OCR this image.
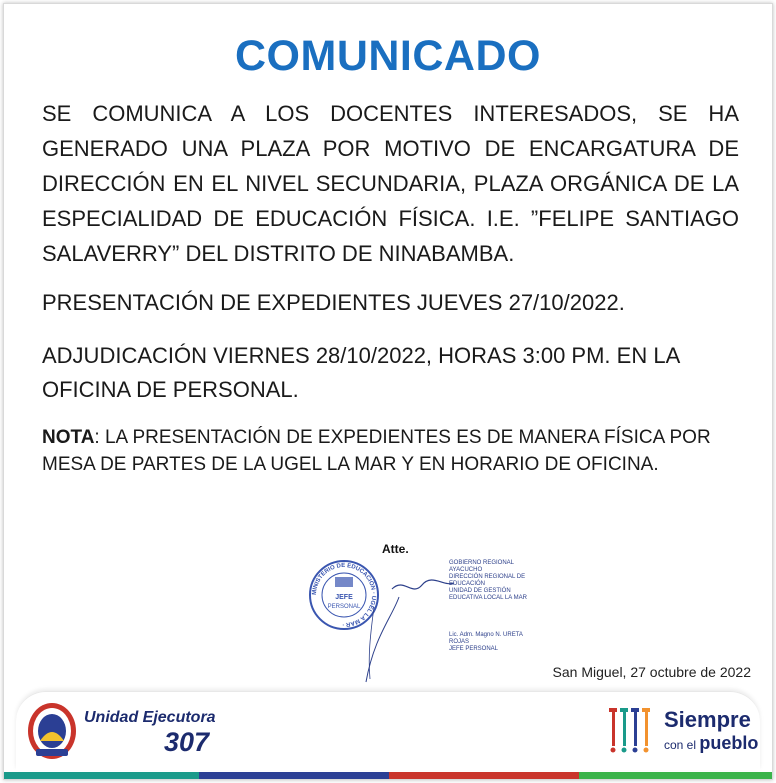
COMUNICADO
SE COMUNICA A LOS DOCENTES INTERESADOS, SE HA GENERADO UNA PLAZA POR MOTIVO DE ENCARGATURA DE DIRECCIÓN EN EL NIVEL SECUNDARIA, PLAZA ORGÁNICA DE LA ESPECIALIDAD DE EDUCACIÓN FÍSICA. I.E. ”FELIPE SANTIAGO SALAVERRY” DEL DISTRITO DE NINABAMBA.
PRESENTACIÓN DE EXPEDIENTES JUEVES 27/10/2022.
ADJUDICACIÓN VIERNES 28/10/2022, HORAS 3:00 PM. EN LA OFICINA DE PERSONAL.
NOTA: LA PRESENTACIÓN DE EXPEDIENTES ES DE MANERA FÍSICA POR MESA DE PARTES DE LA UGEL LA MAR Y EN HORARIO DE OFICINA.
Atte.
MINISTERIO DE EDUCACIÓN · UGEL LA MAR ·
JEFE
PERSONAL
GOBIERNO REGIONAL AYACUCHO
DIRECCIÓN REGIONAL DE EDUCACIÓN
UNIDAD DE GESTIÓN EDUCATIVA LOCAL LA MAR
Lic. Adm. Magno N. URETA ROJAS
JEFE PERSONAL
San Miguel, 27 octubre de 2022
Unidad Ejecutora
307
Siempre
con el pueblo
